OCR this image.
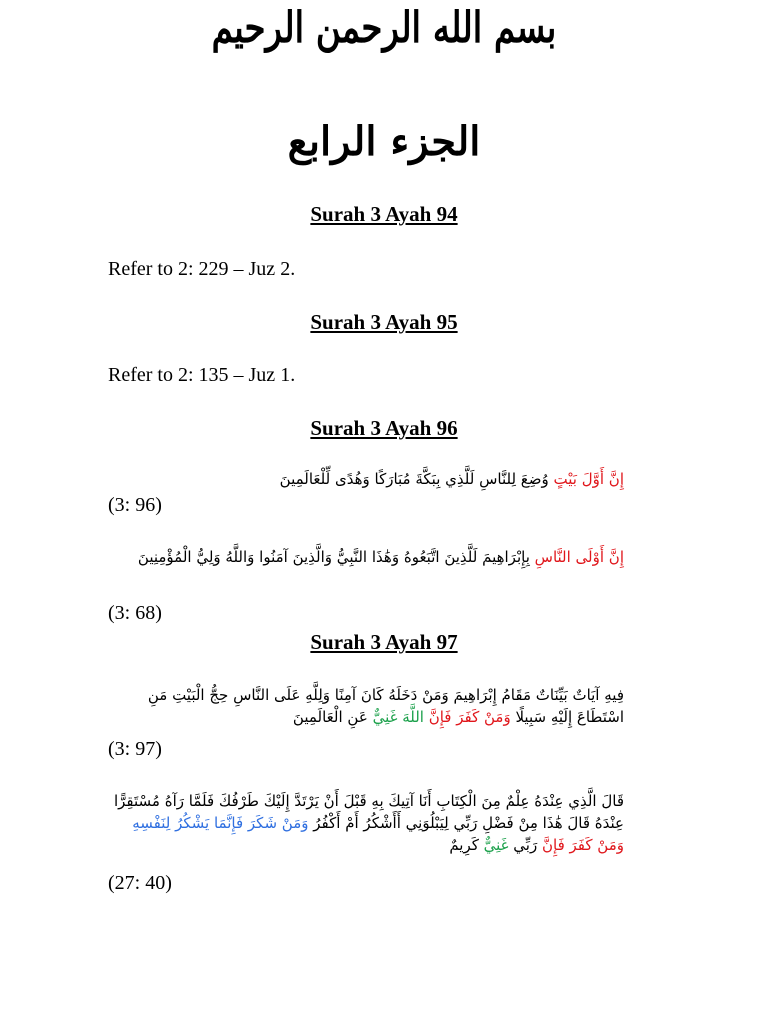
بسم الله الرحمن الرحيم
الجزء الرابع
Surah 3 Ayah 94
Refer to 2: 229 – Juz 2.
Surah 3 Ayah 95
Refer to 2: 135 – Juz 1.
Surah 3 Ayah 96
إِنَّ أَوَّلَ بَيْتٍ وُضِعَ لِلنَّاسِ لَلَّذِي بِبَكَّةَ مُبَارَكًا وَهُدًى لِّلْعَالَمِينَ
(3: 96)
إِنَّ أَوْلَى النَّاسِ بِإِبْرَاهِيمَ لَلَّذِينَ اتَّبَعُوهُ وَهَٰذَا النَّبِيُّ وَالَّذِينَ آمَنُوا وَاللَّهُ وَلِيُّ الْمُؤْمِنِينَ
(3: 68)
Surah 3 Ayah 97
فِيهِ آيَاتٌ بَيِّنَاتٌ مَقَامُ إِبْرَاهِيمَ وَمَنْ دَخَلَهُ كَانَ آمِنًا وَلِلَّهِ عَلَى النَّاسِ حِجُّ الْبَيْتِ مَنِ اسْتَطَاعَ إِلَيْهِ سَبِيلًا وَمَنْ كَفَرَ فَإِنَّ اللَّهَ غَنِيٌّ عَنِ الْعَالَمِينَ
(3: 97)
قَالَ الَّذِي عِنْدَهُ عِلْمٌ مِنَ الْكِتَابِ أَنَا آتِيكَ بِهِ قَبْلَ أَنْ يَرْتَدَّ إِلَيْكَ طَرْفُكَ فَلَمَّا رَآهُ مُسْتَقِرًّا عِنْدَهُ قَالَ هَٰذَا مِنْ فَضْلِ رَبِّي لِيَبْلُوَنِي أَأَشْكُرُ أَمْ أَكْفُرُ وَمَنْ شَكَرَ فَإِنَّمَا يَشْكُرُ لِنَفْسِهِ وَمَنْ كَفَرَ فَإِنَّ رَبِّي غَنِيٌّ كَرِيمٌ
(27: 40)
